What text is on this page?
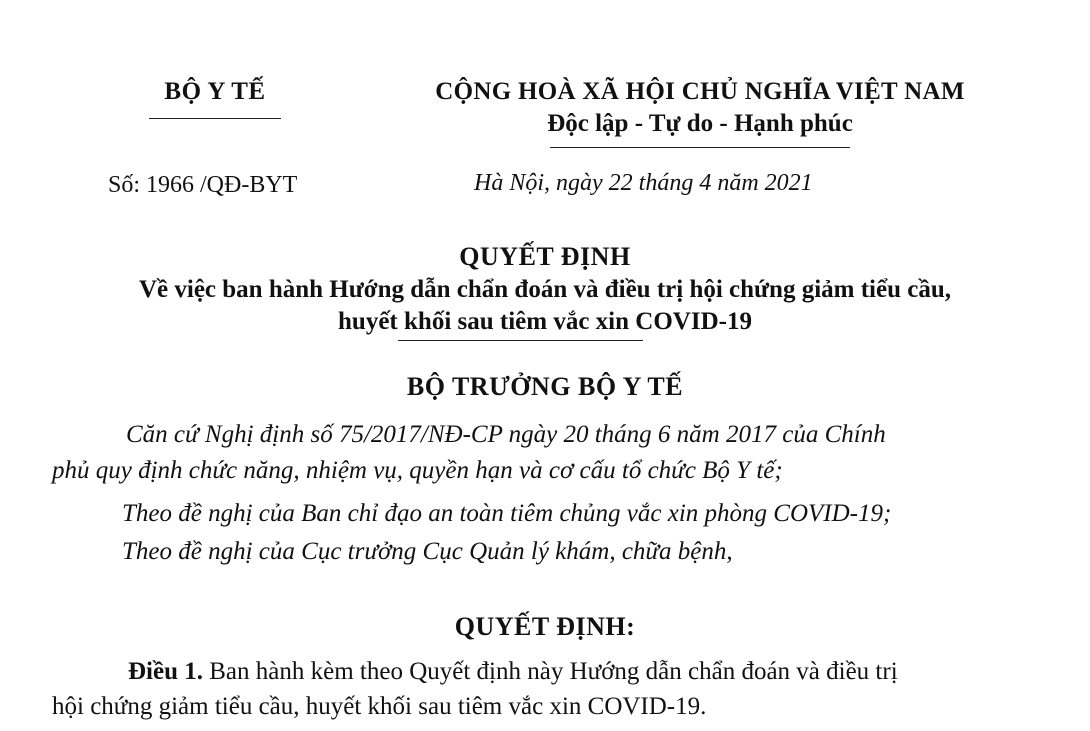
BỘ Y TẾ
Số: 1966 /QĐ-BYT
CỘNG HOÀ XÃ HỘI CHỦ NGHĨA VIỆT NAM
Độc lập - Tự do - Hạnh phúc
Hà Nội, ngày 22 tháng 4 năm 2021
QUYẾT ĐỊNH
Về việc ban hành Hướng dẫn chẩn đoán và điều trị hội chứng giảm tiểu cầu,
huyết khối sau tiêm vắc xin COVID-19
BỘ TRƯỞNG BỘ Y TẾ
Căn cứ Nghị định số 75/2017/NĐ-CP ngày 20 tháng 6 năm 2017 của Chính
phủ quy định chức năng, nhiệm vụ, quyền hạn và cơ cấu tổ chức Bộ Y tế;
Theo đề nghị của Ban chỉ đạo an toàn tiêm chủng vắc xin phòng COVID-19;
Theo đề nghị của Cục trưởng Cục Quản lý khám, chữa bệnh,
QUYẾT ĐỊNH:
Điều 1. Ban hành kèm theo Quyết định này Hướng dẫn chẩn đoán và điều trị
hội chứng giảm tiểu cầu, huyết khối sau tiêm vắc xin COVID-19.
